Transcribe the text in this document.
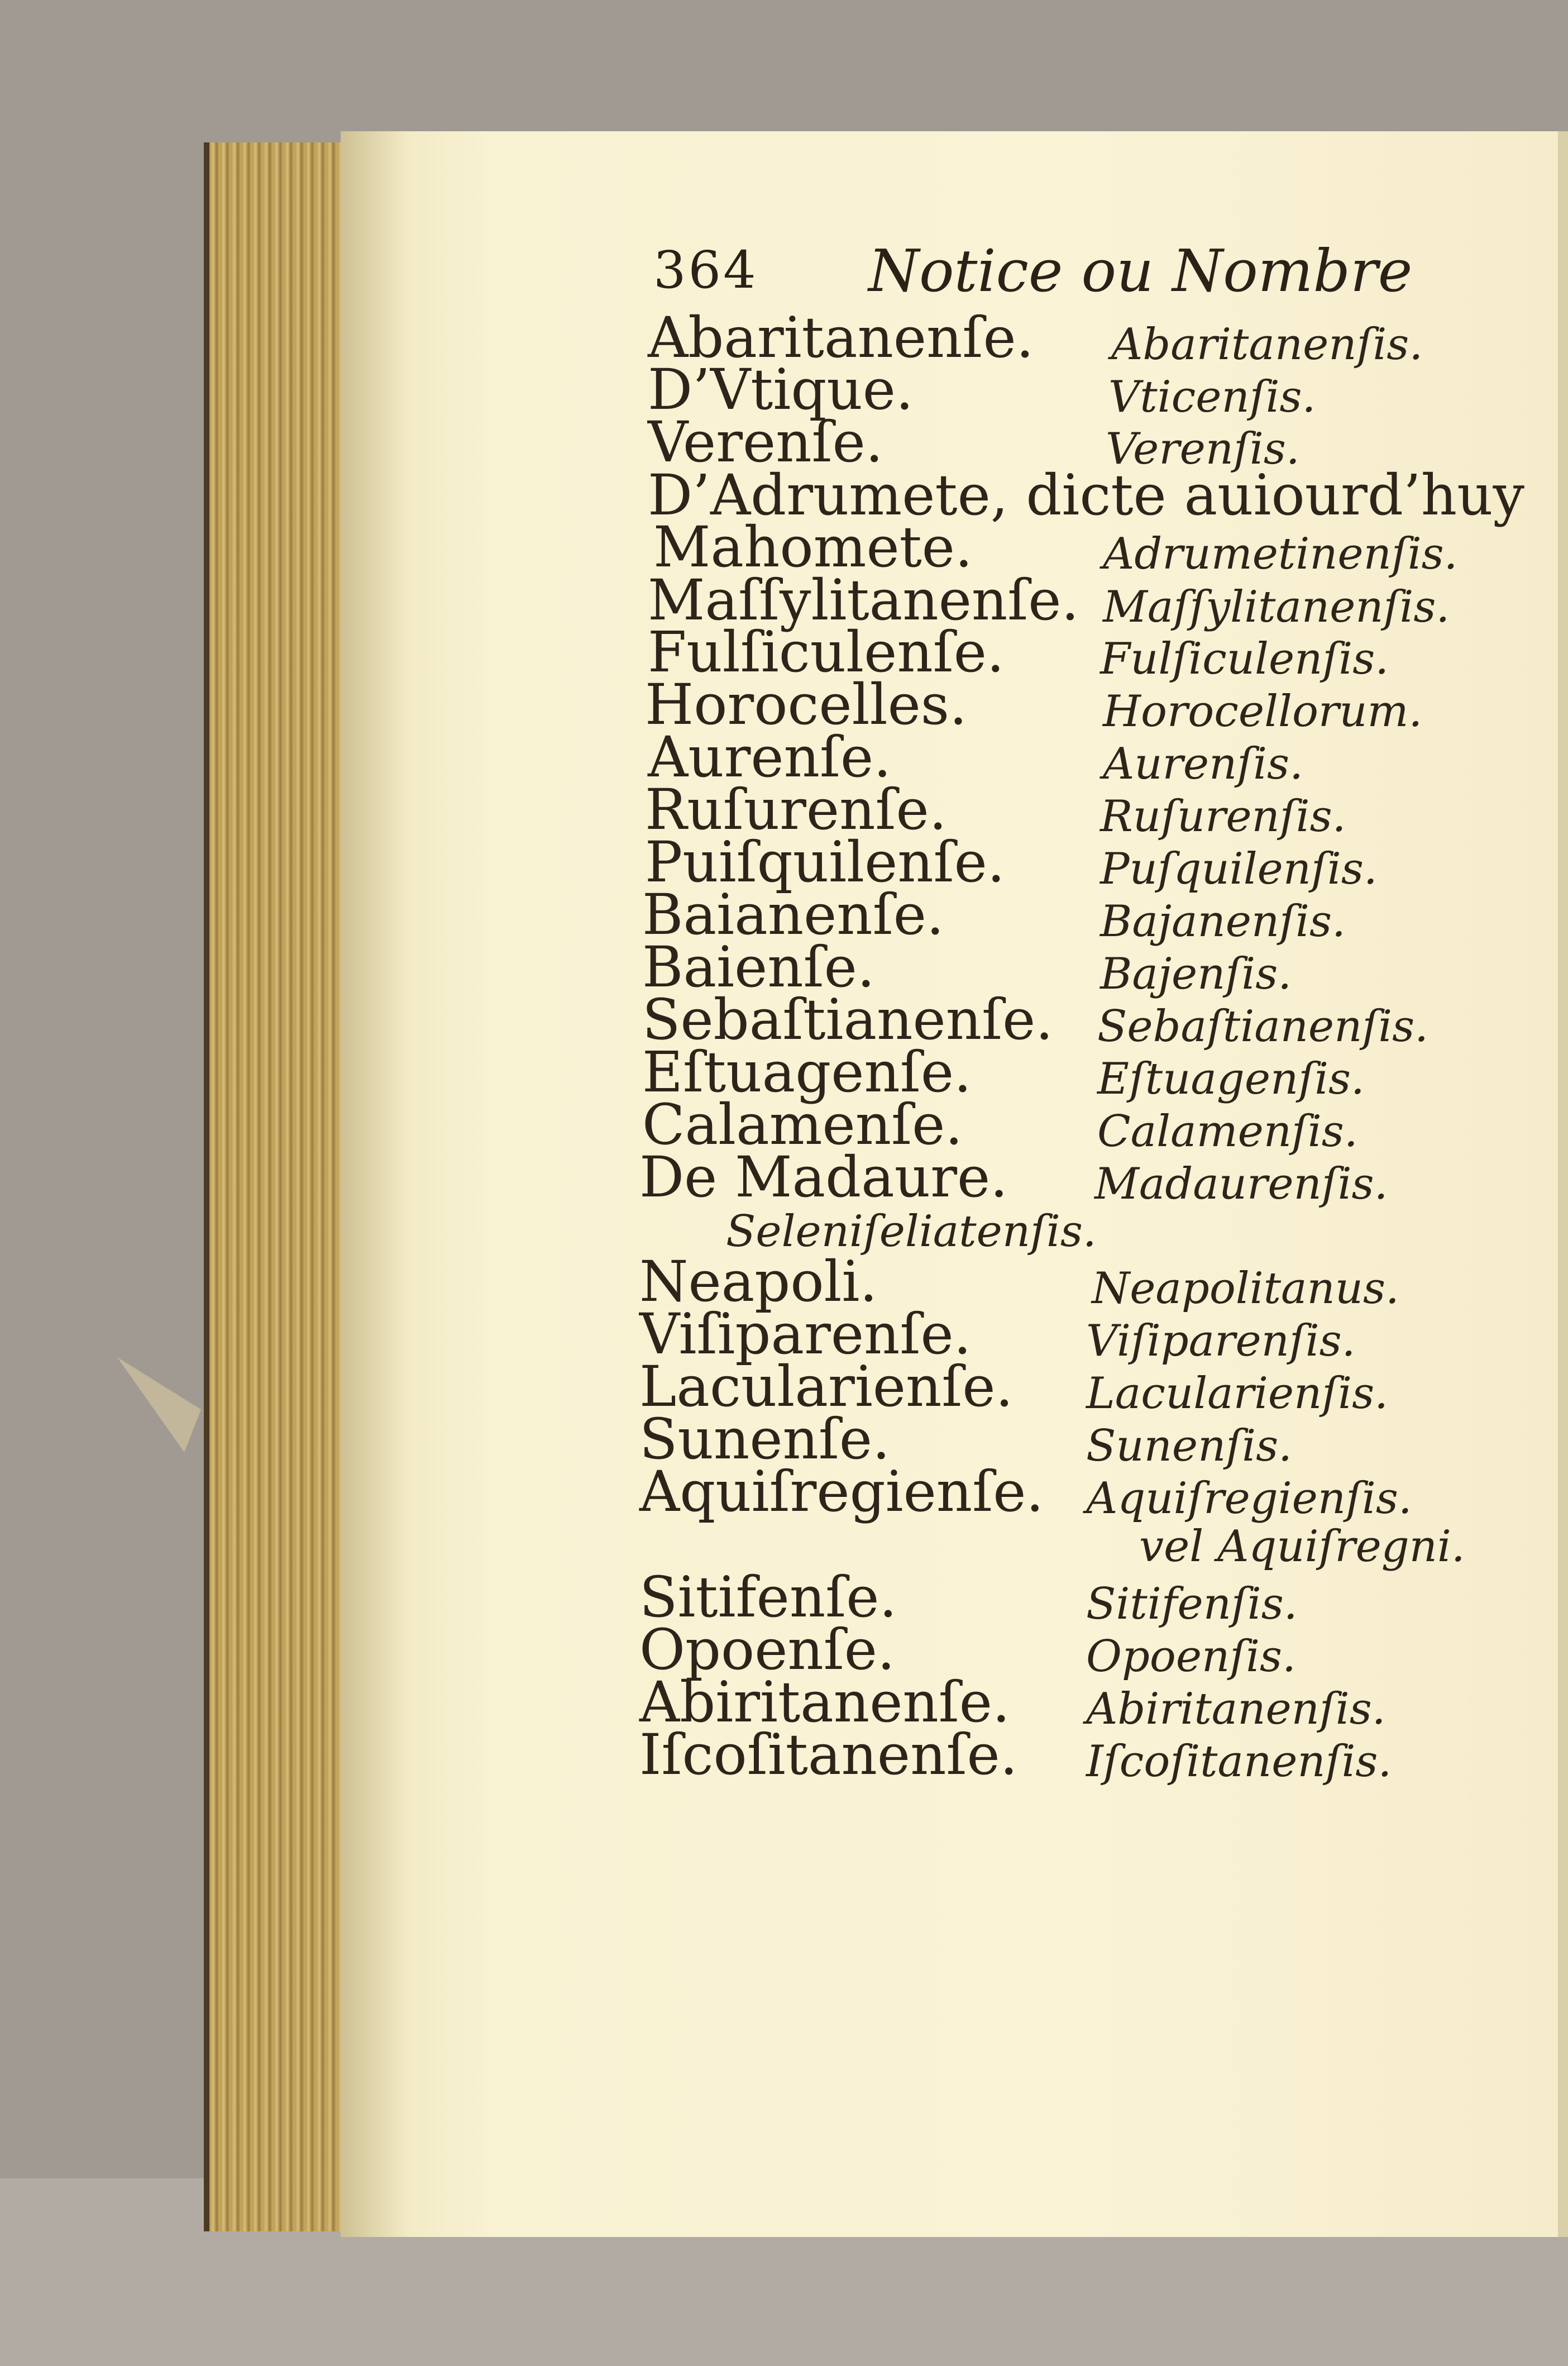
364 Notice ou Nombre
Abaritanenſe. Abaritanenſis.
D’Vtique.	Vticenſis.
Verenſe.	Verenſis.
D’Adrumete, dicte auiourd’huy
Mahomete.	Adrumetinenſis.
Maſſylitanenſe. Maſſylitanenſis.
Fulſiculenſe. Fulſiculenſis.
Horocelles.	Horocellorum.
Aurenſe.	Aurenſis.
Ruſurenſe.	Ruſurenſis.
Puiſquilenſe. Puſquilenſis.
Baianenſe.	Bajanenſis.
Baienſe.	Bajenſis.
Sebaſtianenſe. Sebaſtianenſis.
Eſtuagenſe.	Eſtuagenſis.
Calamenſe.	Calamenſis.
De Madaure. Madaurenſis.
Seleniſeliatenſis.
Neapoli.	Neapolitanus.
Viſiparenſe.	Viſiparenſis.
Lacularienſe. Lacularienſis.
Sunenſe.	Sunenſis.
Aquiſregienſe. Aquiſregienſis.
vel Aquiſregni.
Sitifenſe.	Sitifenſis.
Opoenſe.	Opoenſis.
Abiritanenſe. Abiritanenſis.
Iſcoſitanenſe. Iſcoſitanenſis.
